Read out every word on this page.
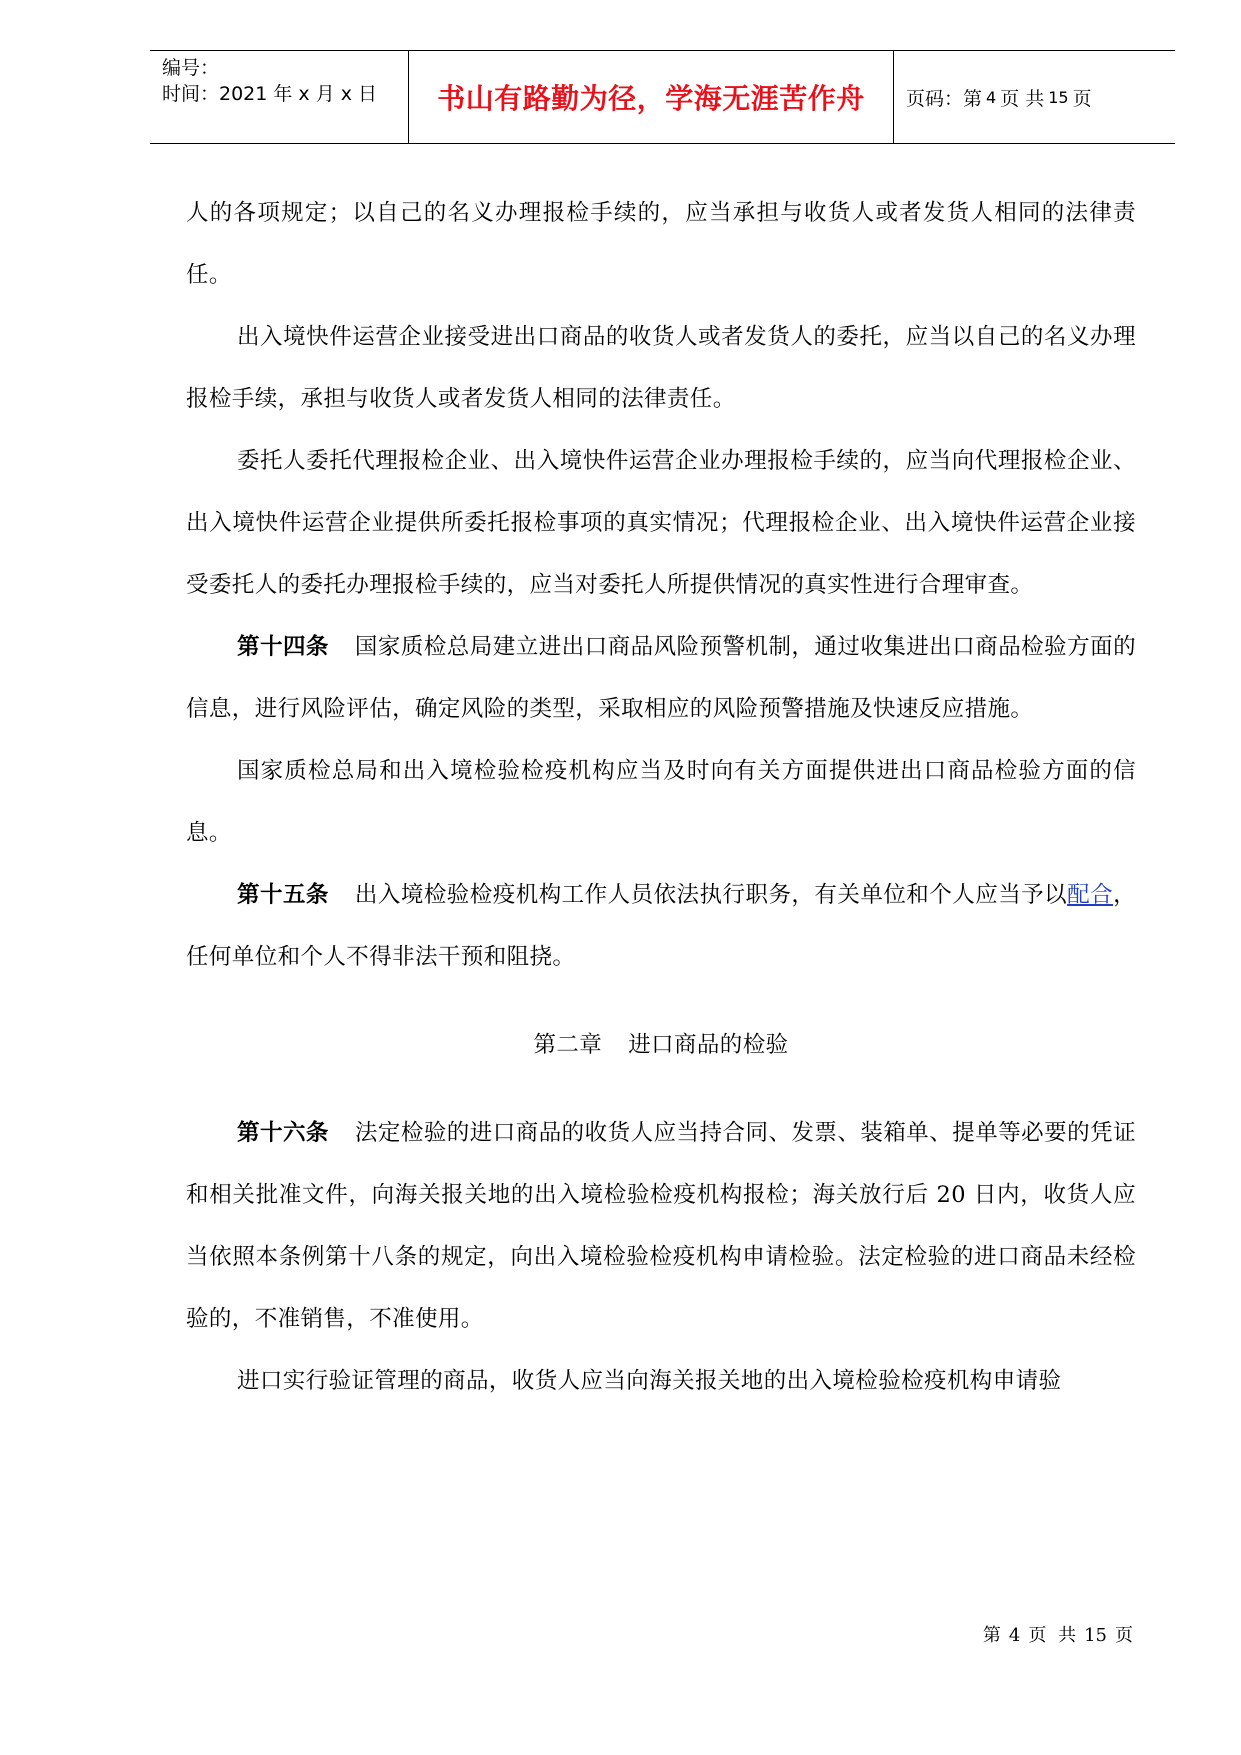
编号：
时间：2021 年 x 月 x 日	书山有路勤为径，学海无涯苦作舟	页码：第 4 页 共 15 页

人的各项规定；以自己的名义办理报检手续的，应当承担与收货人或者发货人相同的法律责任。

出入境快件运营企业接受进出口商品的收货人或者发货人的委托，应当以自己的名义办理报检手续，承担与收货人或者发货人相同的法律责任。

委托人委托代理报检企业、出入境快件运营企业办理报检手续的，应当向代理报检企业、出入境快件运营企业提供所委托报检事项的真实情况；代理报检企业、出入境快件运营企业接受委托人的委托办理报检手续的，应当对委托人所提供情况的真实性进行合理审查。

第十四条 国家质检总局建立进出口商品风险预警机制，通过收集进出口商品检验方面的信息，进行风险评估，确定风险的类型，采取相应的风险预警措施及快速反应措施。

国家质检总局和出入境检验检疫机构应当及时向有关方面提供进出口商品检验方面的信息。

第十五条 出入境检验检疫机构工作人员依法执行职务，有关单位和个人应当予以配合，任何单位和个人不得非法干预和阻挠。

第二章 进口商品的检验

第十六条 法定检验的进口商品的收货人应当持合同、发票、装箱单、提单等必要的凭证和相关批准文件，向海关报关地的出入境检验检疫机构报检；海关放行后 20 日内，收货人应当依照本条例第十八条的规定，向出入境检验检疫机构申请检验。法定检验的进口商品未经检验的，不准销售，不准使用。

进口实行验证管理的商品，收货人应当向海关报关地的出入境检验检疫机构申请验

第 4 页 共 15 页
